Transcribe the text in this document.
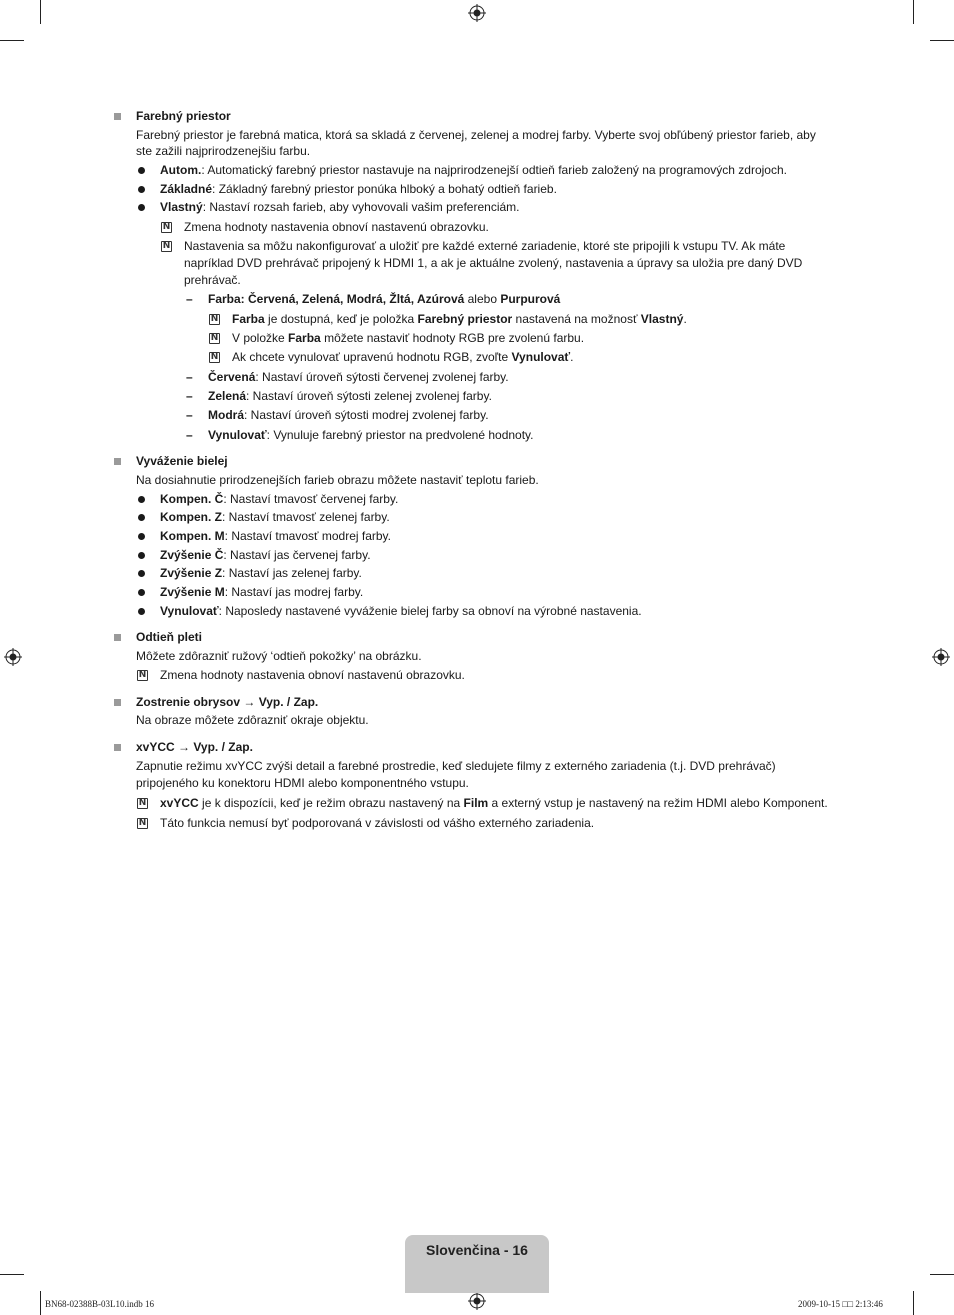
Farebný priestor
Farebný priestor je farebná matica, ktorá sa skladá z červenej, zelenej a modrej farby. Vyberte svoj obľúbený priestor farieb, aby
ste zažili najprirodzenejšiu farbu.
Autom.: Automatický farebný priestor nastavuje na najprirodzenejší odtieň farieb založený na programových zdrojoch.
Základné: Základný farebný priestor ponúka hlboký a bohatý odtieň farieb.
Vlastný: Nastaví rozsah farieb, aby vyhovovali vašim preferenciám.
N Zmena hodnoty nastavenia obnoví nastavenú obrazovku.
N Nastavenia sa môžu nakonfigurovať a uložiť pre každé externé zariadenie, ktoré ste pripojili k vstupu TV. Ak máte
napríklad DVD prehrávač pripojený k HDMI 1, a ak je aktuálne zvolený, nastavenia a úpravy sa uložia pre daný DVD
prehrávač.
– Farba: Červená, Zelená, Modrá, Žltá, Azúrová alebo Purpurová
N Farba je dostupná, keď je položka Farebný priestor nastavená na možnosť Vlastný.
N V položke Farba môžete nastaviť hodnoty RGB pre zvolenú farbu.
N Ak chcete vynulovať upravenú hodnotu RGB, zvoľte Vynulovať.
– Červená: Nastaví úroveň sýtosti červenej zvolenej farby.
– Zelená: Nastaví úroveň sýtosti zelenej zvolenej farby.
– Modrá: Nastaví úroveň sýtosti modrej zvolenej farby.
– Vynulovať: Vynuluje farebný priestor na predvolené hodnoty.
Vyváženie bielej
Na dosiahnutie prirodzenejších farieb obrazu môžete nastaviť teplotu farieb.
Kompen. Č: Nastaví tmavosť červenej farby.
Kompen. Z: Nastaví tmavosť zelenej farby.
Kompen. M: Nastaví tmavosť modrej farby.
Zvýšenie Č: Nastaví jas červenej farby.
Zvýšenie Z: Nastaví jas zelenej farby.
Zvýšenie M: Nastaví jas modrej farby.
Vynulovať: Naposledy nastavené vyváženie bielej farby sa obnoví na výrobné nastavenia.
Odtieň pleti
Môžete zdôrazniť ružový ‘odtieň pokožky’ na obrázku.
N Zmena hodnoty nastavenia obnoví nastavenú obrazovku.
Zostrenie obrysov → Vyp. / Zap.
Na obraze môžete zdôrazniť okraje objektu.
xvYCC → Vyp. / Zap.
Zapnutie režimu xvYCC zvýši detail a farebné prostredie, keď sledujete filmy z externého zariadenia (t.j. DVD prehrávač)
pripojeného ku konektoru HDMI alebo komponentného vstupu.
N xvYCC je k dispozícii, keď je režim obrazu nastavený na Film a externý vstup je nastavený na režim HDMI alebo Komponent.
N Táto funkcia nemusí byť podporovaná v závislosti od vášho externého zariadenia.
Slovenčina - 16
BN68-02388B-03L10.indb 16	2009-10-15 □□ 2:13:46
